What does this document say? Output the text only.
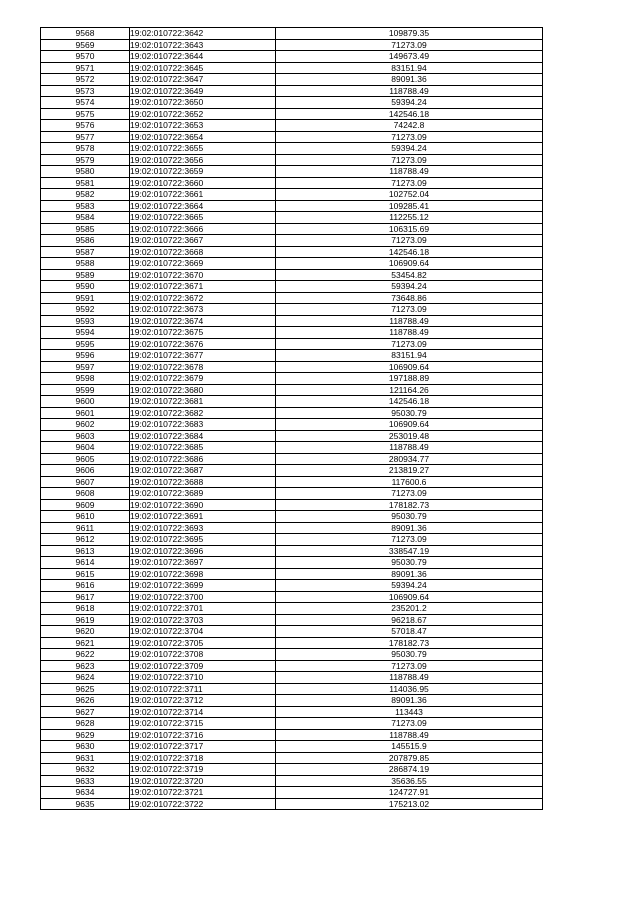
9568	19:02:010722:3642	109879.35
9569	19:02:010722:3643	71273.09
9570	19:02:010722:3644	149673.49
9571	19:02:010722:3645	83151.94
9572	19:02:010722:3647	89091.36
9573	19:02:010722:3649	118788.49
9574	19:02:010722:3650	59394.24
9575	19:02:010722:3652	142546.18
9576	19:02:010722:3653	74242.8
9577	19:02:010722:3654	71273.09
9578	19:02:010722:3655	59394.24
9579	19:02:010722:3656	71273.09
9580	19:02:010722:3659	118788.49
9581	19:02:010722:3660	71273.09
9582	19:02:010722:3661	102752.04
9583	19:02:010722:3664	109285.41
9584	19:02:010722:3665	112255.12
9585	19:02:010722:3666	106315.69
9586	19:02:010722:3667	71273.09
9587	19:02:010722:3668	142546.18
9588	19:02:010722:3669	106909.64
9589	19:02:010722:3670	53454.82
9590	19:02:010722:3671	59394.24
9591	19:02:010722:3672	73648.86
9592	19:02:010722:3673	71273.09
9593	19:02:010722:3674	118788.49
9594	19:02:010722:3675	118788.49
9595	19:02:010722:3676	71273.09
9596	19:02:010722:3677	83151.94
9597	19:02:010722:3678	106909.64
9598	19:02:010722:3679	197188.89
9599	19:02:010722:3680	121164.26
9600	19:02:010722:3681	142546.18
9601	19:02:010722:3682	95030.79
9602	19:02:010722:3683	106909.64
9603	19:02:010722:3684	253019.48
9604	19:02:010722:3685	118788.49
9605	19:02:010722:3686	280934.77
9606	19:02:010722:3687	213819.27
9607	19:02:010722:3688	117600.6
9608	19:02:010722:3689	71273.09
9609	19:02:010722:3690	178182.73
9610	19:02:010722:3691	95030.79
9611	19:02:010722:3693	89091.36
9612	19:02:010722:3695	71273.09
9613	19:02:010722:3696	338547.19
9614	19:02:010722:3697	95030.79
9615	19:02:010722:3698	89091.36
9616	19:02:010722:3699	59394.24
9617	19:02:010722:3700	106909.64
9618	19:02:010722:3701	235201.2
9619	19:02:010722:3703	96218.67
9620	19:02:010722:3704	57018.47
9621	19:02:010722:3705	178182.73
9622	19:02:010722:3708	95030.79
9623	19:02:010722:3709	71273.09
9624	19:02:010722:3710	118788.49
9625	19:02:010722:3711	114036.95
9626	19:02:010722:3712	89091.36
9627	19:02:010722:3714	113443
9628	19:02:010722:3715	71273.09
9629	19:02:010722:3716	118788.49
9630	19:02:010722:3717	145515.9
9631	19:02:010722:3718	207879.85
9632	19:02:010722:3719	286874.19
9633	19:02:010722:3720	35636.55
9634	19:02:010722:3721	124727.91
9635	19:02:010722:3722	175213.02
